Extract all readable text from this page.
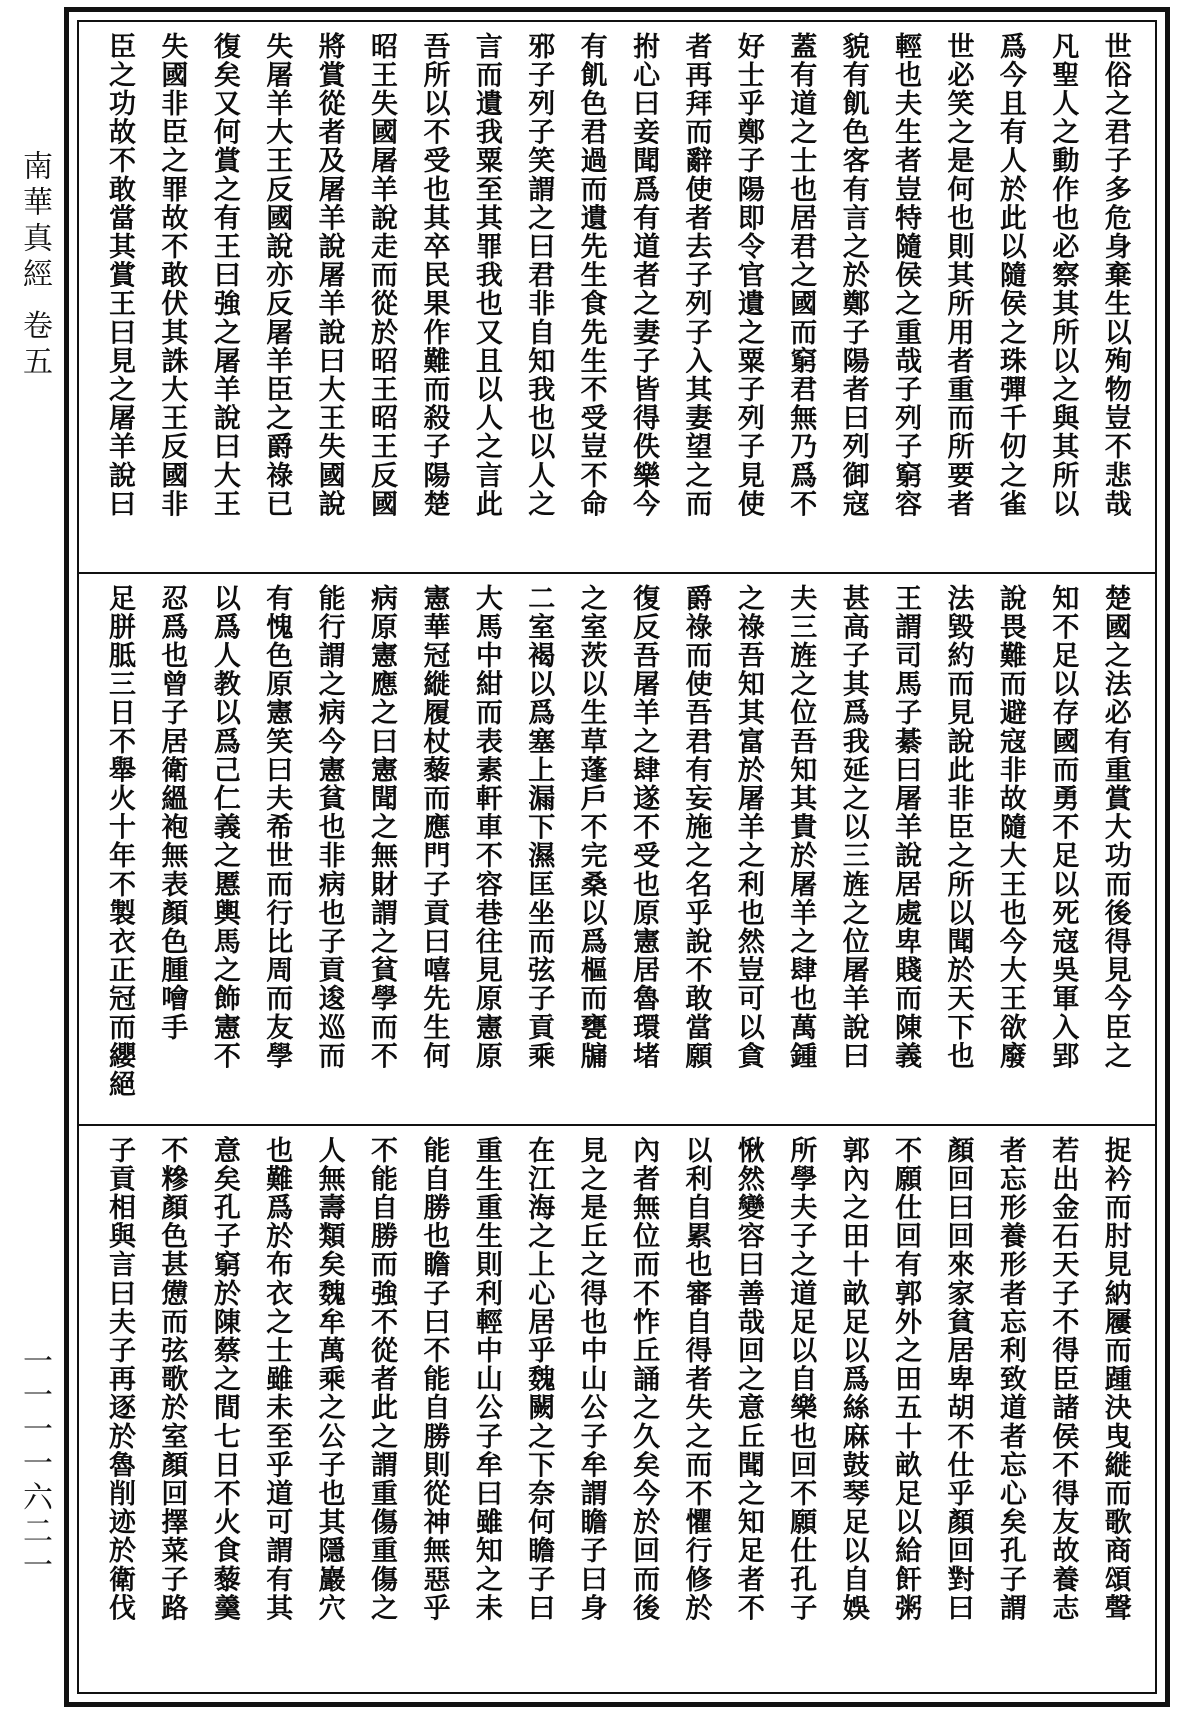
南華真經 卷五
一一一一六二一
世俗之君子多危身棄生以殉物豈不悲哉
凡聖人之動作也必察其所以之與其所以
爲今且有人於此以隨侯之珠彈千仞之雀
世必笑之是何也則其所用者重而所要者
輕也夫生者豈特隨侯之重哉子列子窮容
貌有飢色客有言之於鄭子陽者曰列御寇
蓋有道之士也居君之國而窮君無乃爲不
好士乎鄭子陽即令官遺之粟子列子見使
者再拜而辭使者去子列子入其妻望之而
拊心曰妾聞爲有道者之妻子皆得佚樂今
有飢色君過而遺先生食先生不受豈不命
邪子列子笑謂之曰君非自知我也以人之
言而遺我粟至其罪我也又且以人之言此
吾所以不受也其卒民果作難而殺子陽楚
昭王失國屠羊說走而從於昭王昭王反國
將賞從者及屠羊說屠羊說曰大王失國說
失屠羊大王反國說亦反屠羊臣之爵祿已
復矣又何賞之有王曰強之屠羊說曰大王
失國非臣之罪故不敢伏其誅大王反國非
臣之功故不敢當其賞王曰見之屠羊說曰
楚國之法必有重賞大功而後得見今臣之
知不足以存國而勇不足以死寇吳軍入郢
說畏難而避寇非故隨大王也今大王欲廢
法毀約而見說此非臣之所以聞於天下也
王謂司馬子綦曰屠羊說居處卑賤而陳義
甚高子其爲我延之以三旌之位屠羊說曰
夫三旌之位吾知其貴於屠羊之肆也萬鍾
之祿吾知其富於屠羊之利也然豈可以貪
爵祿而使吾君有妄施之名乎說不敢當願
復反吾屠羊之肆遂不受也原憲居魯環堵
之室茨以生草蓬戶不完桑以爲樞而甕牖
二室褐以爲塞上漏下濕匡坐而弦子貢乘
大馬中紺而表素軒車不容巷往見原憲原
憲華冠縰履杖藜而應門子貢曰嘻先生何
病原憲應之曰憲聞之無財謂之貧學而不
能行謂之病今憲貧也非病也子貢逡巡而
有愧色原憲笑曰夫希世而行比周而友學
以爲人教以爲己仁義之慝輿馬之飾憲不
忍爲也曾子居衛縕袍無表顏色腫噲手
足胼胝三日不舉火十年不製衣正冠而纓絕
捉衿而肘見納屨而踵決曳縰而歌商頌聲
若出金石天子不得臣諸侯不得友故養志
者忘形養形者忘利致道者忘心矣孔子謂
顏回曰回來家貧居卑胡不仕乎顏回對曰
不願仕回有郭外之田五十畝足以給飦粥
郭內之田十畝足以爲絲麻鼓琴足以自娛
所學夫子之道足以自樂也回不願仕孔子
愀然變容曰善哉回之意丘聞之知足者不
以利自累也審自得者失之而不懼行修於
內者無位而不怍丘誦之久矣今於回而後
見之是丘之得也中山公子牟謂瞻子曰身
在江海之上心居乎魏闕之下奈何瞻子曰
重生重生則利輕中山公子牟曰雖知之未
能自勝也瞻子曰不能自勝則從神無惡乎
不能自勝而強不從者此之謂重傷重傷之
人無壽類矣魏牟萬乘之公子也其隱巖穴
也難爲於布衣之士雖未至乎道可謂有其
意矣孔子窮於陳蔡之間七日不火食藜羹
不糝顏色甚憊而弦歌於室顏回擇菜子路
子貢相與言曰夫子再逐於魯削迹於衛伐
